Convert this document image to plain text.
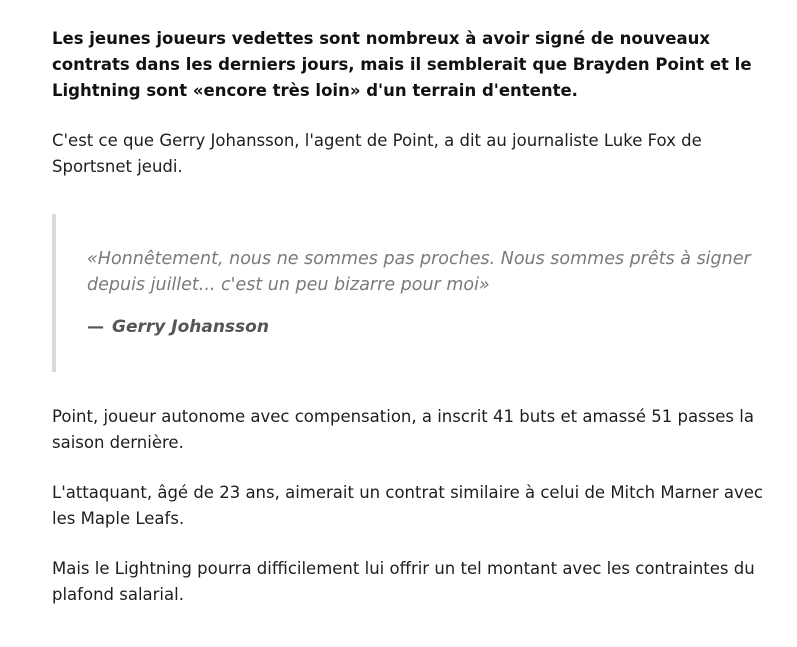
Les jeunes joueurs vedettes sont nombreux à avoir signé de nouveaux contrats dans les derniers jours, mais il semblerait que Brayden Point et le Lightning sont «encore très loin» d'un terrain d'entente.

C'est ce que Gerry Johansson, l'agent de Point, a dit au journaliste Luke Fox de Sportsnet jeudi.

«Honnêtement, nous ne sommes pas proches. Nous sommes prêts à signer depuis juillet... c'est un peu bizarre pour moi»

— Gerry Johansson

Point, joueur autonome avec compensation, a inscrit 41 buts et amassé 51 passes la saison dernière.

L'attaquant, âgé de 23 ans, aimerait un contrat similaire à celui de Mitch Marner avec les Maple Leafs.

Mais le Lightning pourra difficilement lui offrir un tel montant avec les contraintes du plafond salarial.
